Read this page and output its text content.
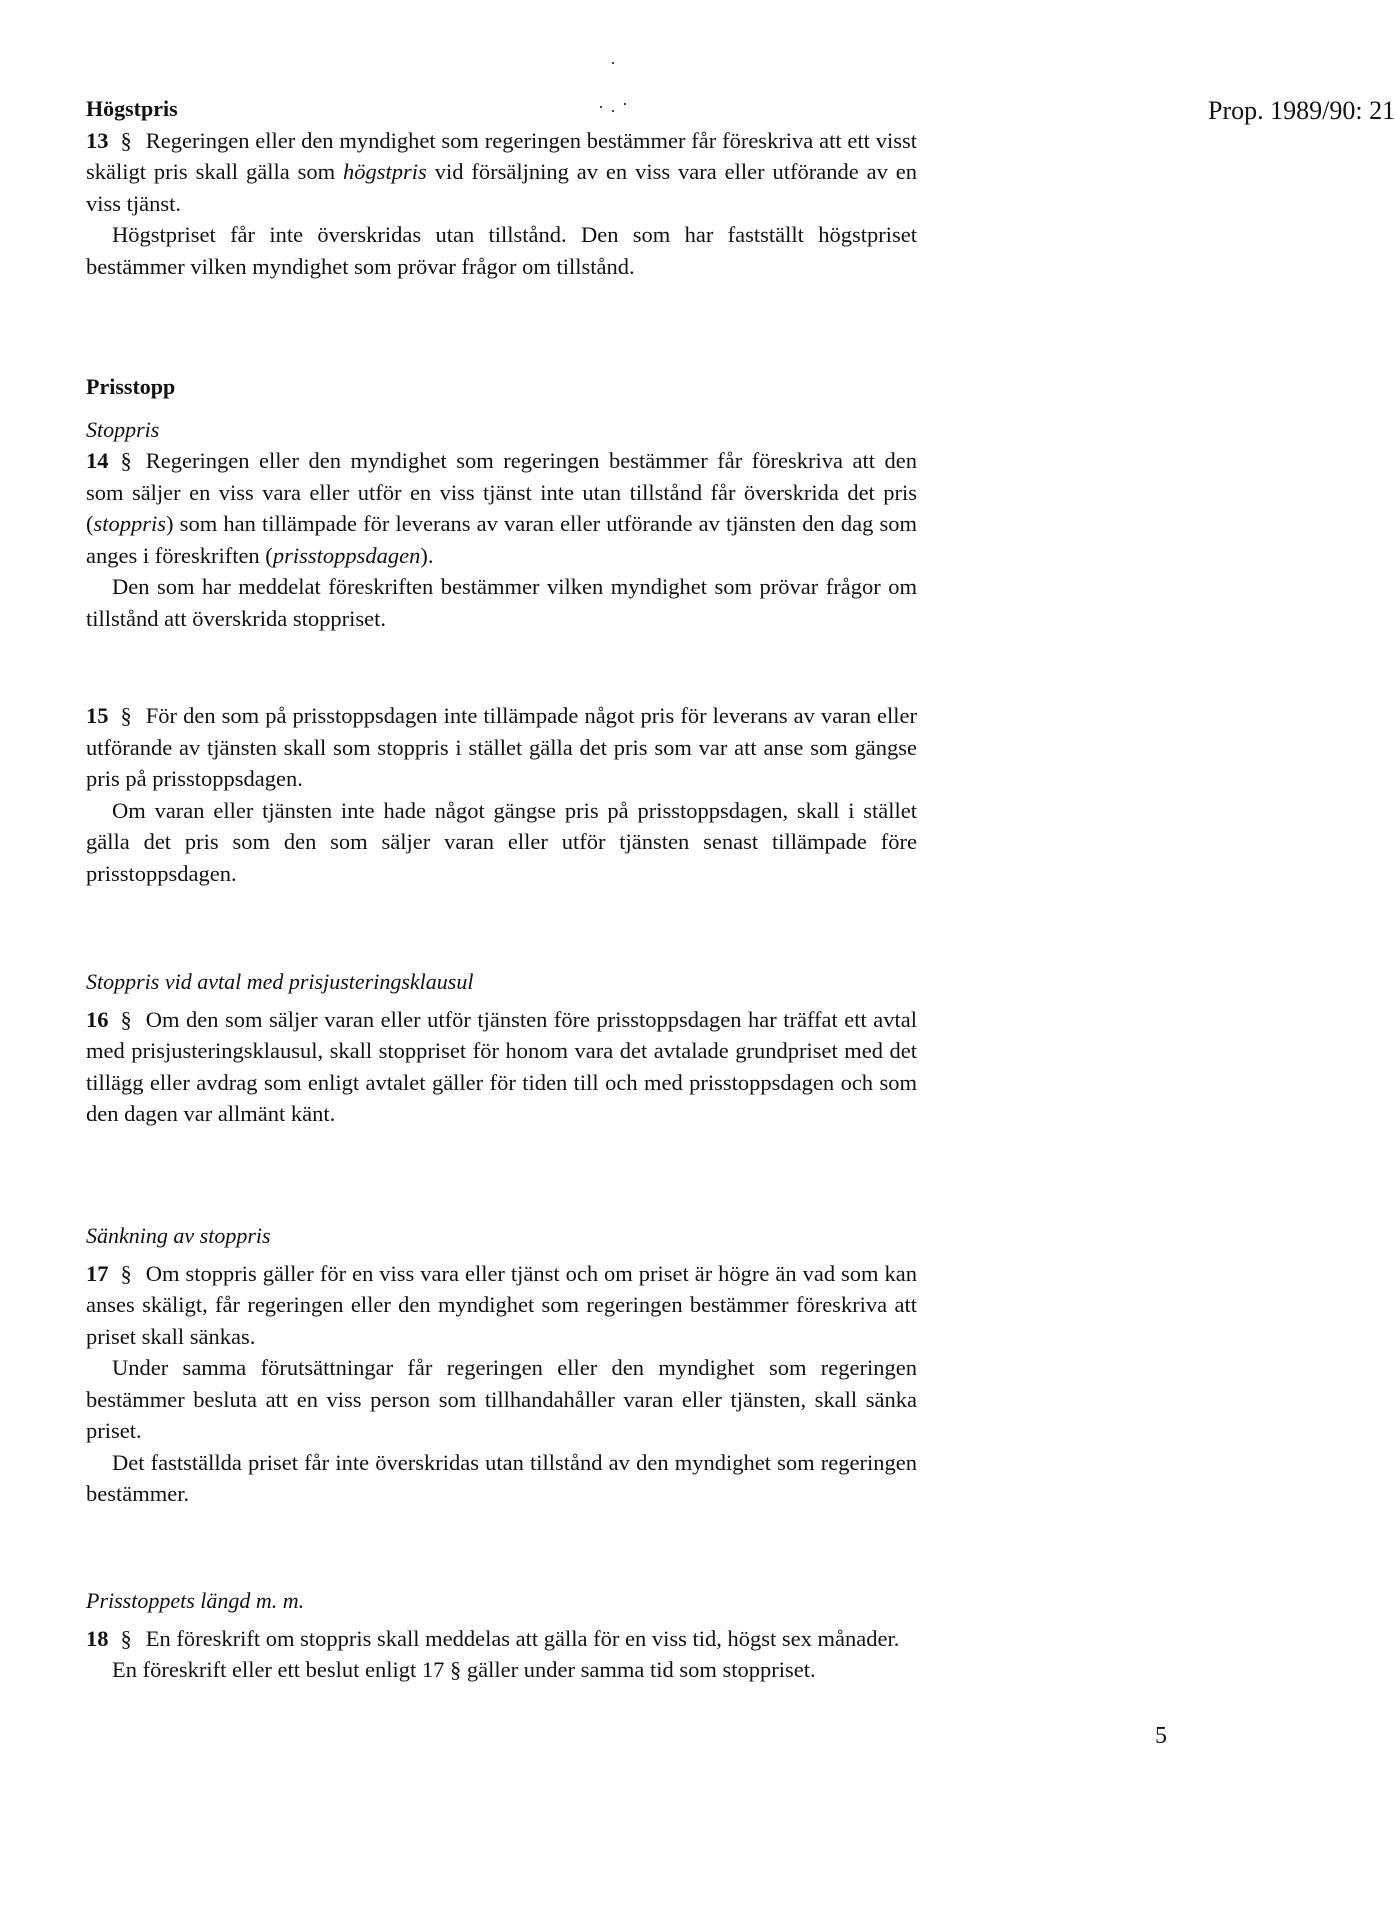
Prop. 1989/90: 21

Högstpris

13 § Regeringen eller den myndighet som regeringen bestämmer får föreskriva att ett visst skäligt pris skall gälla som högstpris vid försäljning av en viss vara eller utförande av en viss tjänst.

Högstpriset får inte överskridas utan tillstånd. Den som har fastställt högstpriset bestämmer vilken myndighet som prövar frågor om tillstånd.

Prisstopp

Stoppris

14 § Regeringen eller den myndighet som regeringen bestämmer får föreskriva att den som säljer en viss vara eller utför en viss tjänst inte utan tillstånd får överskrida det pris (stoppris) som han tillämpade för leverans av varan eller utförande av tjänsten den dag som anges i föreskriften (prisstoppsdagen).

Den som har meddelat föreskriften bestämmer vilken myndighet som prövar frågor om tillstånd att överskrida stoppriset.

15 § För den som på prisstoppsdagen inte tillämpade något pris för leverans av varan eller utförande av tjänsten skall som stoppris i stället gälla det pris som var att anse som gängse pris på prisstoppsdagen.

Om varan eller tjänsten inte hade något gängse pris på prisstoppsdagen, skall i stället gälla det pris som den som säljer varan eller utför tjänsten senast tillämpade före prisstoppsdagen.

Stoppris vid avtal med prisjusteringsklausul

16 § Om den som säljer varan eller utför tjänsten före prisstoppsdagen har träffat ett avtal med prisjusteringsklausul, skall stoppriset för honom vara det avtalade grundpriset med det tillägg eller avdrag som enligt avtalet gäller för tiden till och med prisstoppsdagen och som den dagen var allmänt känt.

Sänkning av stoppris

17 § Om stoppris gäller för en viss vara eller tjänst och om priset är högre än vad som kan anses skäligt, får regeringen eller den myndighet som regeringen bestämmer föreskriva att priset skall sänkas.

Under samma förutsättningar får regeringen eller den myndighet som regeringen bestämmer besluta att en viss person som tillhandahåller varan eller tjänsten, skall sänka priset.

Det fastställda priset får inte överskridas utan tillstånd av den myndighet som regeringen bestämmer.

Prisstoppets längd m. m.

18 § En föreskrift om stoppris skall meddelas att gälla för en viss tid, högst sex månader.

En föreskrift eller ett beslut enligt 17 § gäller under samma tid som stoppriset.

5
